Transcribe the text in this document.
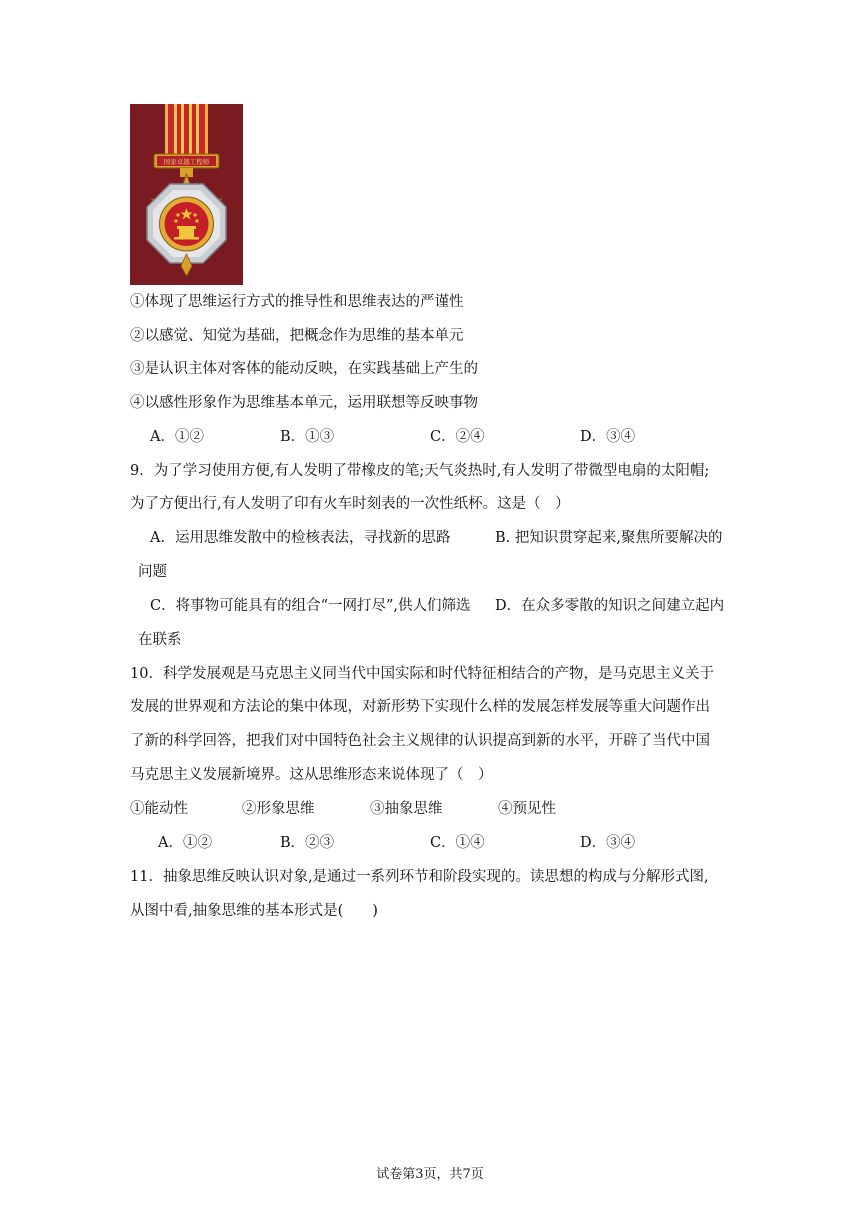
国家卓越工程师
①体现了思维运行方式的推导性和思维表达的严谨性
②以感觉、知觉为基础，把概念作为思维的基本单元
③是认识主体对客体的能动反映，在实践基础上产生的
④以感性形象作为思维基本单元，运用联想等反映事物
A．①②	B．①③	C．②④	D．③④
9．为了学习使用方便,有人发明了带橡皮的笔;天气炎热时,有人发明了带微型电扇的太阳帽;
为了方便出行,有人发明了印有火车时刻表的一次性纸杯。这是（　）
A．运用思维发散中的检核表法，寻找新的思路	B. 把知识贯穿起来,聚焦所要解决的
问题
C．将事物可能具有的组合“一网打尽”,供人们筛选 D．在众多零散的知识之间建立起内
在联系
10．科学发展观是马克思主义同当代中国实际和时代特征相结合的产物，是马克思主义关于
发展的世界观和方法论的集中体现，对新形势下实现什么样的发展怎样发展等重大问题作出
了新的科学回答，把我们对中国特色社会主义规律的认识提高到新的水平，开辟了当代中国
马克思主义发展新境界。这从思维形态来说体现了（　）
①能动性	②形象思维	③抽象思维	④预见性
A．①②	B．②③	C．①④	D．③④
11．抽象思维反映认识对象,是通过一系列环节和阶段实现的。读思想的构成与分解形式图,
从图中看,抽象思维的基本形式是(　　)
试卷第3页，共7页
